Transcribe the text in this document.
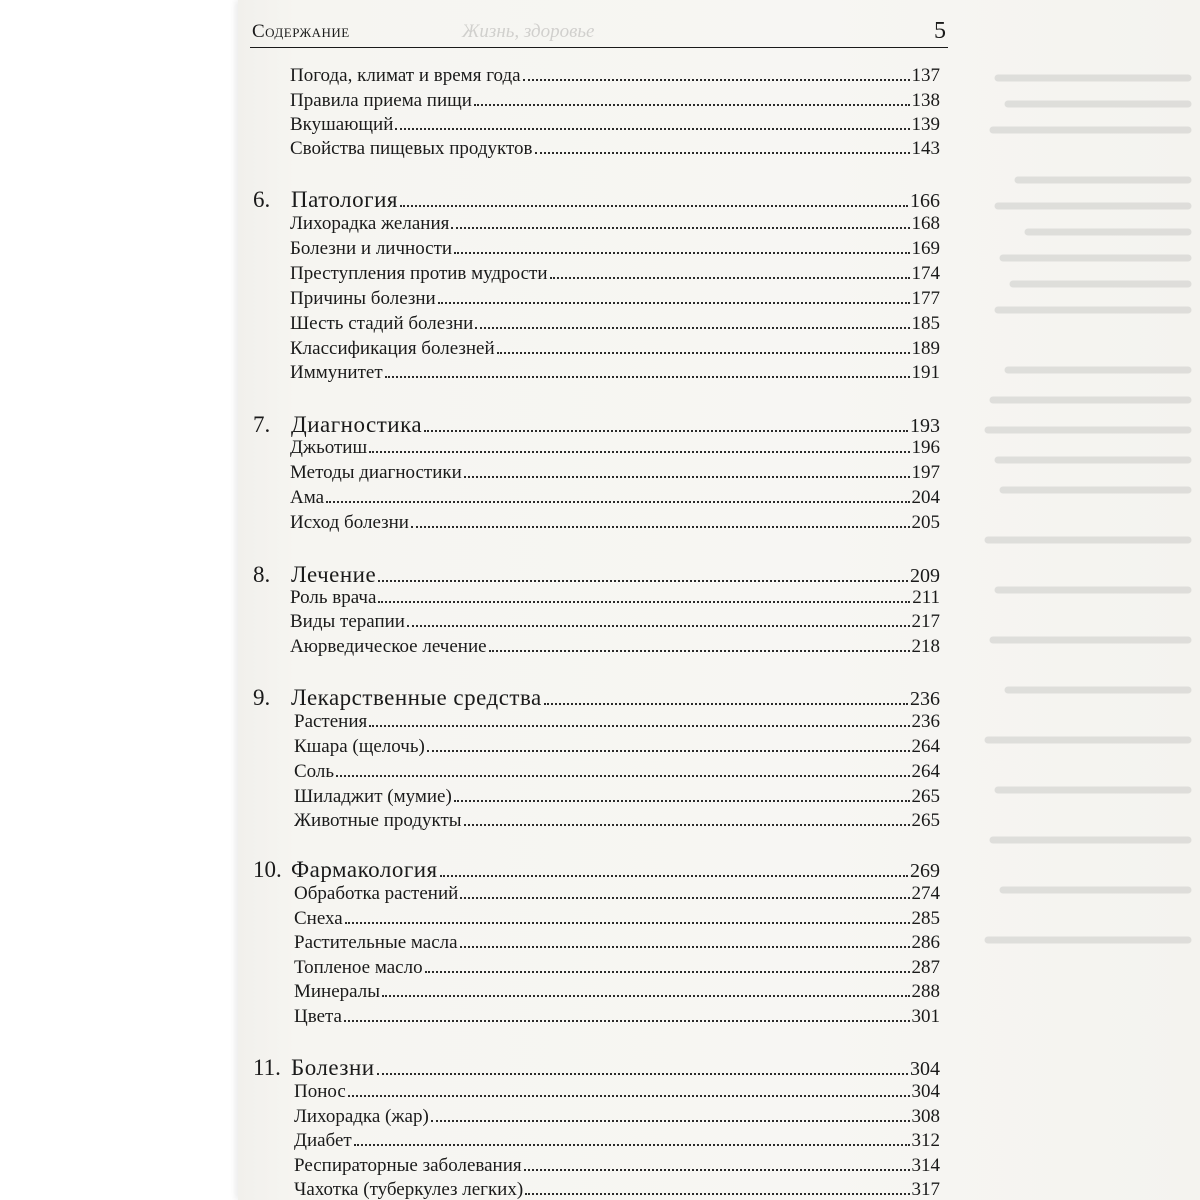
Содержание	Жизнь, здоровье	5
Погода, климат и время года	137
Правила приема пищи	138
Вкушающий	139
Свойства пищевых продуктов	143
6. Патология	166
Лихорадка желания	168
Болезни и личности	169
Преступления против мудрости	174
Причины болезни	177
Шесть стадий болезни	185
Классификация болезней	189
Иммунитет	191
7. Диагностика	193
Джьотиш	196
Методы диагностики	197
Ама	204
Исход болезни	205
8. Лечение	209
Роль врача	211
Виды терапии	217
Аюрведическое лечение	218
9. Лекарственные средства	236
Растения	236
Кшара (щелочь)	264
Соль	264
Шиладжит (мумие)	265
Животные продукты	265
10. Фармакология	269
Обработка растений	274
Снеха	285
Растительные масла	286
Топленое масло	287
Минералы	288
Цвета	301
11. Болезни	304
Понос	304
Лихорадка (жар)	308
Диабет	312
Респираторные заболевания	314
Чахотка (туберкулез легких)	317
